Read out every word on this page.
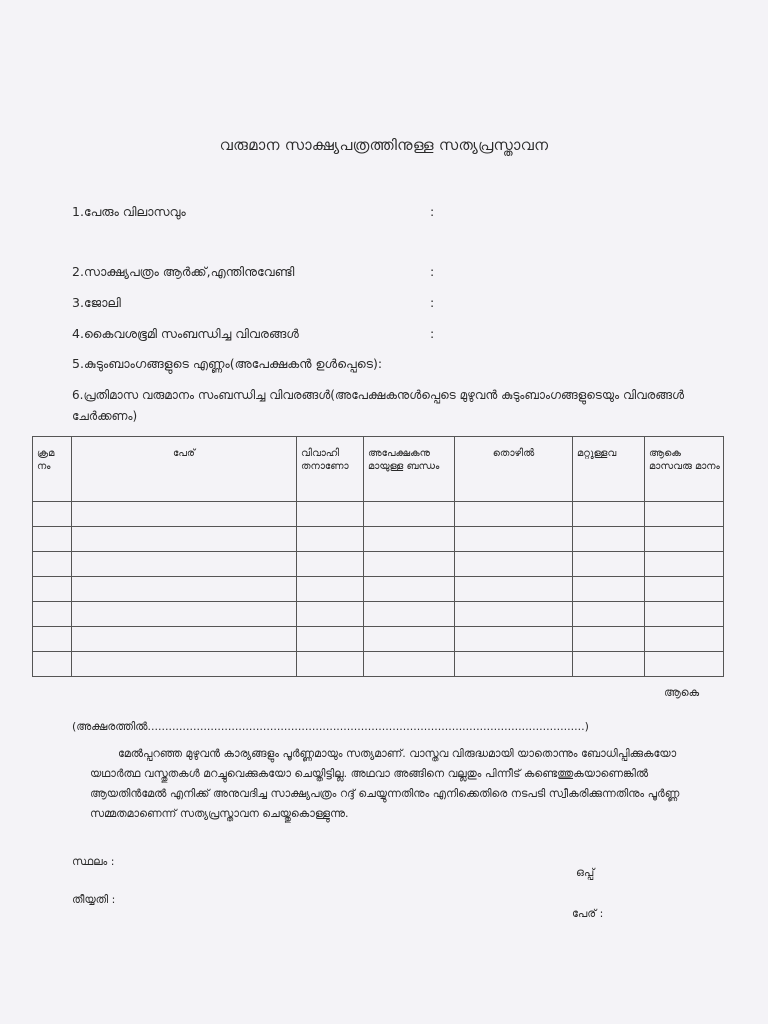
വരുമാന സാക്ഷ്യപത്രത്തിനുള്ള സത്യപ്രസ്താവന
1.പേരും വിലാസവും	:
2.സാക്ഷ്യപത്രം ആർക്ക്,എന്തിനുവേണ്ടി	:
3.ജോലി	:
4.കൈവശഭൂമി സംബന്ധിച്ച വിവരങ്ങൾ	:
5.കുടുംബാംഗങ്ങളുടെ എണ്ണം(അപേക്ഷകൻ ഉൾപ്പെടെ):
6.പ്രതിമാസ വരുമാനം സംബന്ധിച്ച വിവരങ്ങൾ(അപേക്ഷകനുൾപ്പെടെ മുഴുവൻ കുടുംബാംഗങ്ങളുടെയും വിവരങ്ങൾ ചേർക്കണം)
ക്രമ നം	പേര്	വിവാഹി തനാണോ	അപേക്ഷകനു മായുള്ള ബന്ധം	തൊഴിൽ	മറ്റുള്ളവ	ആകെ മാസവരു മാനം

ആകെ
(അക്ഷരത്തിൽ.............................................................................................................................)
മേൽപ്പറഞ്ഞ മുഴുവൻ കാര്യങ്ങളും പൂർണ്ണമായും സത്യമാണ്. വാസ്തവ വിരുദ്ധമായി യാതൊന്നും ബോധിപ്പിക്കുകയോ യഥാർത്ഥ വസ്തുതകൾ മറച്ചുവെക്കുകയോ ചെയ്തിട്ടില്ല. അഥവാ അങ്ങിനെ വല്ലതും പിന്നീട് കണ്ടെത്തുകയാണെങ്കിൽ ആയതിൻമേൽ എനിക്ക് അനുവദിച്ച സാക്ഷ്യപത്രം റദ്ദ് ചെയ്യുന്നതിനും എനിക്കെതിരെ നടപടി സ്വീകരിക്കുന്നതിനും പൂർണ്ണ സമ്മതമാണെന്ന് സത്യപ്രസ്താവന ചെയ്തുകൊള്ളുന്നു.
സ്ഥലം :
ഒപ്പ്
തീയ്യതി :
പേര് :
